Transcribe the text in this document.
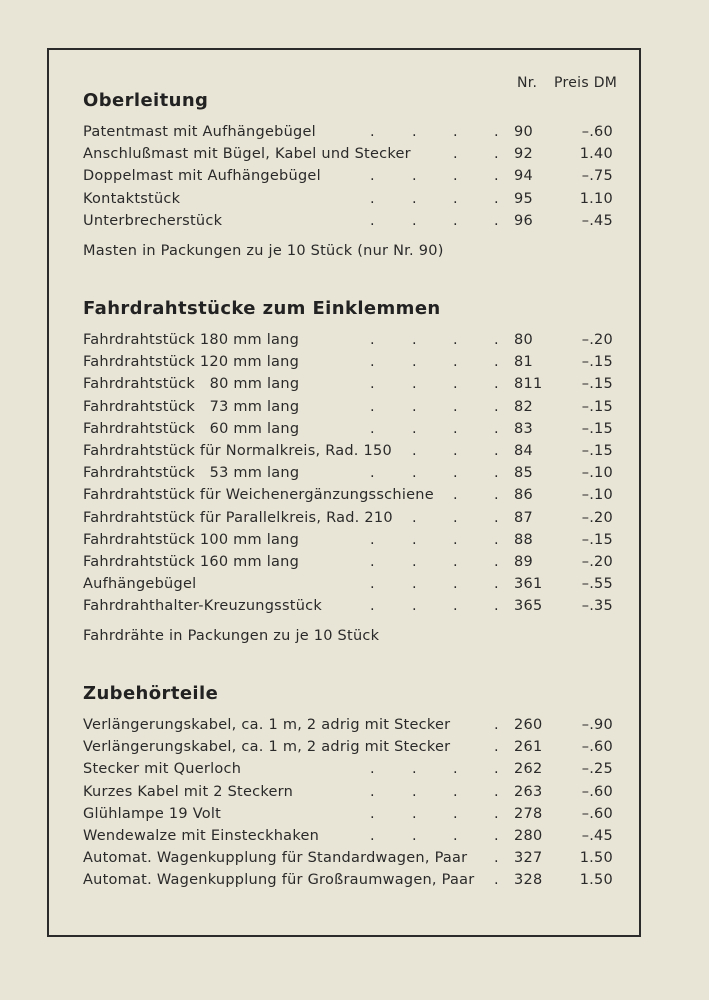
Nr. Preis DM
Oberleitung
Patentmast mit Aufhängebügel	90	–.60
.	.	.	.
Anschlußmast mit Bügel, Kabel und Stecker	92	1.40
.	.
Doppelmast mit Aufhängebügel	94	–.75
.	.	.	.
Kontaktstück	95	1.10
.	.	.	.
Unterbrecherstück	96	–.45
.	.	.	.
Masten in Packungen zu je 10 Stück (nur Nr. 90)
Fahrdrahtstücke zum Einklemmen
Fahrdrahtstück 180 mm lang	80	–.20
.	.	.	.
Fahrdrahtstück 120 mm lang	81	–.15
.	.	.	.
Fahrdrahtstück   80 mm lang	811	–.15
.	.	.	.
Fahrdrahtstück   73 mm lang	82	–.15
.	.	.	.
Fahrdrahtstück   60 mm lang	83	–.15
.	.	.	.
Fahrdrahtstück für Normalkreis, Rad. 150	84	–.15
.	.	.
Fahrdrahtstück   53 mm lang	85	–.10
.	.	.	.
Fahrdrahtstück für Weichenergänzungsschiene	86	–.10
.	.
Fahrdrahtstück für Parallelkreis, Rad. 210	87	–.20
.	.	.
Fahrdrahtstück 100 mm lang	88	–.15
.	.	.	.
Fahrdrahtstück 160 mm lang	89	–.20
.	.	.	.
Aufhängebügel	361	–.55
.	.	.	.
Fahrdrahthalter-Kreuzungsstück	365	–.35
.	.	.	.
Fahrdrähte in Packungen zu je 10 Stück
Zubehörteile
Verlängerungskabel, ca. 1 m, 2 adrig mit Stecker	260	–.90
.
Verlängerungskabel, ca. 1 m, 2 adrig mit Stecker	261	–.60
.
Stecker mit Querloch	262	–.25
.	.	.	.
Kurzes Kabel mit 2 Steckern	263	–.60
.	.	.	.
Glühlampe 19 Volt	278	–.60
.	.	.	.
Wendewalze mit Einsteckhaken	280	–.45
.	.	.	.
Automat. Wagenkupplung für Standardwagen, Paar	327	1.50
.
Automat. Wagenkupplung für Großraumwagen, Paar	328	1.50
.
